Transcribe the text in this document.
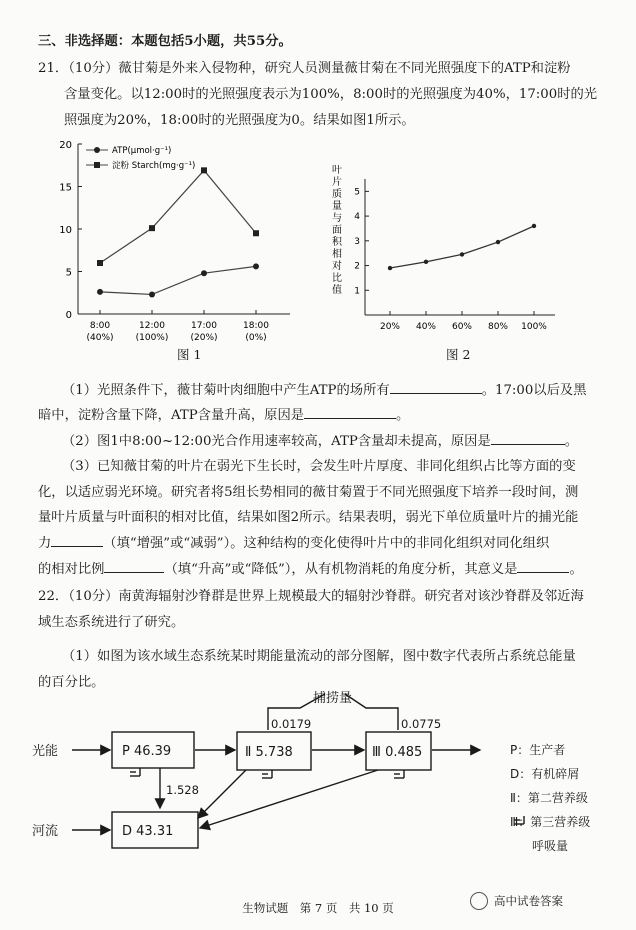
三、非选择题：本题包括5小题，共55分。
21．（10分）薇甘菊是外来入侵物种，研究人员测量薇甘菊在不同光照强度下的ATP和淀粉
含量变化。以12:00时的光照强度表示为100%，8:00时的光照强度为40%，17:00时的光
照强度为20%，18:00时的光照强度为0。结果如图1所示。
0
5
10
15
20
8:00
(40%)
12:00
(100%)
17:00
(20%)
18:00
(0%)
ATP(μmol·g⁻¹)
淀粉 Starch(mg·g⁻¹)
1
2
3
4
5
20% 40% 60% 80% 100%
叶
片
质
量
与
面
积
相
对
比
值
图 1	图 2
（1）光照条件下，薇甘菊叶肉细胞中产生ATP的场所有	。17:00以后及黑
暗中，淀粉含量下降，ATP含量升高，原因是	。
（2）图1中8:00~12:00光合作用速率较高，ATP含量却未提高，原因是	。
（3）已知薇甘菊的叶片在弱光下生长时，会发生叶片厚度、非同化组织占比等方面的变
化，以适应弱光环境。研究者将5组长势相同的薇甘菊置于不同光照强度下培养一段时间，测
量叶片质量与叶面积的相对比值，结果如图2所示。结果表明，弱光下单位质量叶片的捕光能
力	（填“增强”或“减弱”）。这种结构的变化使得叶片中的非同化组织对同化组织
的相对比例	（填“升高”或“降低”），从有机物消耗的角度分析，其意义是	。
22．（10分）南黄海辐射沙脊群是世界上规模最大的辐射沙脊群。研究者对该沙脊群及邻近海
域生态系统进行了研究。
（1）如图为该水域生态系统某时期能量流动的部分图解，图中数字代表所占系统总能量
的百分比。
捕捞量
0.0179	0.0775
光能
河流
P 46.39	Ⅱ 5.738	Ⅲ 0.485
D 43.31
1.528
P：生产者
D：有机碎屑
Ⅱ：第二营养级
Ⅲ：第三营养级
呼吸量
生物试题　第 7 页　共 10 页	高中试卷答案
